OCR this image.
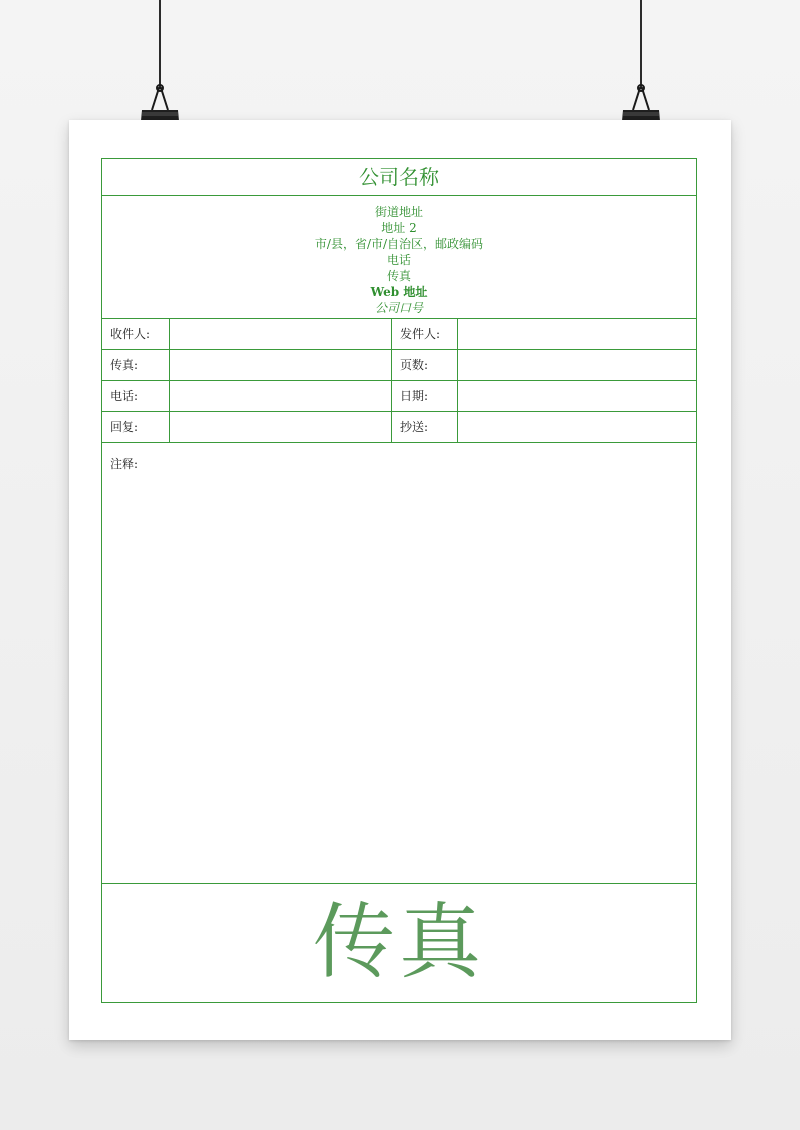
公司名称
街道地址
地址 2
市/县，省/市/自治区，邮政编码
电话
传真
Web 地址
公司口号
收件人:	发件人:
传真:	页数:
电话:	日期:
回复:	抄送:
注释:
传真
